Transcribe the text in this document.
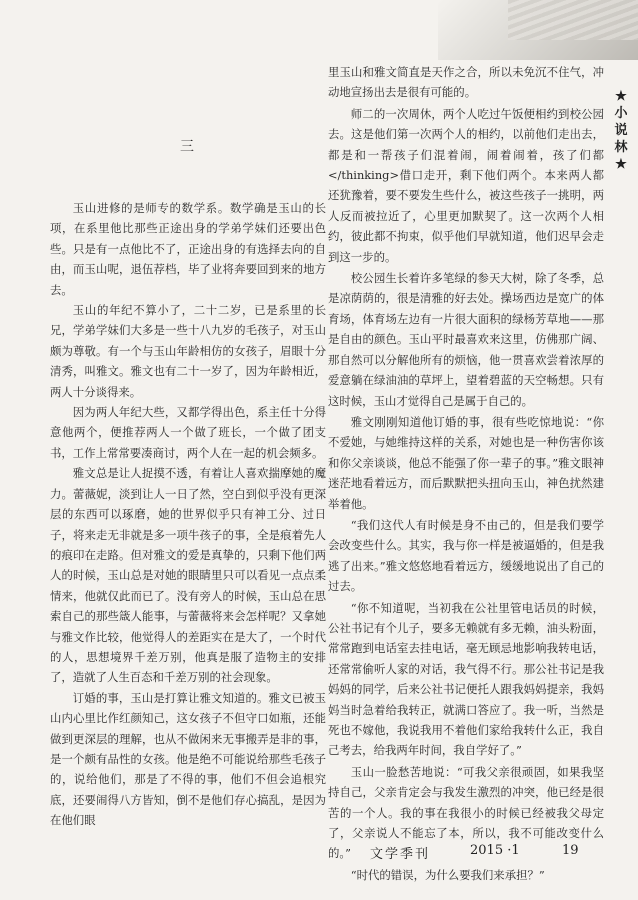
三

玉山进修的是师专的数学系。数学确是玉山的长项，在系里他比那些正途出身的学弟学妹们还要出色些。只是有一点他比不了，正途出身的有选择去向的自由，而玉山呢，退伍荐档，毕了业将奔要回到来的地方去。

玉山的年纪不算小了，二十二岁，已是系里的长兄，学弟学妹们大多是一些十八九岁的毛孩子，对玉山颇为尊敬。有一个与玉山年龄相仿的女孩子，眉眼十分清秀，叫雅文。雅文也有二十一岁了，因为年龄相近，两人十分谈得来。

因为两人年纪大些，又都学得出色，系主任十分得意他两个，便推荐两人一个做了班长，一个做了团支书，工作上常常要凑商讨，两个人在一起的机会频多。

雅文总是让人捉摸不透，有着让人喜欢揣摩她的魔力。蕾薇妮，淡到让人一日了然，空白到似乎没有更深层的东西可以琢磨，她的世界似乎只有神工分、过日子，将来走无非就是多一项牛孩子的事，全是痕着先人的痕印在走路。但对雅文的爱是真挚的，只剩下他们两人的时候，玉山总是对她的眼睛里只可以看见一点点柔情来，他就仅此而已了。没有旁人的时候，玉山总在思索自己的那些箴人能事，与蕾薇将来会怎样呢？又拿她与雅文作比较，他觉得人的差距实在是大了，一个时代的人，思想境界千差万别，他真是服了造物主的安排了，造就了人生百态和千差万别的社会现象。

订婚的事，玉山是打算让雅文知道的。雅文已被玉山内心里比作红颜知己，这女孩子不但守口如瓶，还能做到更深层的理解，也从不做闲来无事搬弄是非的事，是一个颇有品性的女孩。他是绝不可能说给那些毛孩子的，说给他们，那是了不得的事，他们不但会追根究底，还要闹得八方皆知，倒不是他们存心搞乱，是因为在他们眼

里玉山和雅文简直是天作之合，所以未免沉不住气，冲动地宣扬出去是很有可能的。

师二的一次周休，两个人吃过午饭便相约到校公园去。这是他们第一次两个人的相约，以前他们走出去，都是和一帮孩子们混着闹，闹着闹着，孩了们都</thinking>借口走开，剩下他们两个。本来两人都还犹豫着，要不要发生些什么，被这些孩子一挑明，两人反而被拉近了，心里更加默契了。这一次两个人相约，彼此都不拘束，似乎他们早就知道，他们迟早会走到这一步的。

校公园生长着许多笔绿的参天大树，除了冬季，总是凉荫荫的，很是清雅的好去处。操场西边是宽广的体育场，体育场左边有一片很大面积的绿杨芳草地——那是自由的颜色。玉山平时最喜欢来这里，仿佛那广阔、那自然可以分解他所有的烦恼，他一贯喜欢尝着浓厚的爱意躺在绿油油的草坪上，望着碧蓝的天空畅想。只有这时候，玉山才觉得自己是属于自己的。

雅文刚刚知道他订婚的事，很有些吃惊地说：“你不爱她，与她维持这样的关系，对她也是一种伤害你该和你父亲谈谈，他总不能强了你一辈子的事。”雅文眼神迷茫地看着远方，而后默默把头扭向玉山，神色扰然建举着他。

“我们这代人有时候是身不由己的，但是我们要学会改变些什么。其实，我与你一样是被逼婚的，但是我逃了出来。”雅文悠悠地看着远方，缓缓地说出了自己的过去。

“你不知道呢，当初我在公社里管电话员的时候，公社书记有个儿子，要多无赖就有多无赖，油头粉面，常常跑到电话室去挂电话，毫无顾忌地影响我转电话，还常常偷听人家的对话，我气得不行。那公社书记是我妈妈的同学，后来公社书记便托人跟我妈妈提亲，我妈妈当时急着给我转正，就满口答应了。我一听，当然是死也不嫁他，我说我用不着他们家给我转什么正，我自己考去，给我两年时间，我自学好了。”

玉山一脸愁苦地说：“可我父亲很顽固，如果我坚持自己，父亲肯定会与我发生激烈的冲突，他已经是很苦的一个人。我的事在我很小的时候已经被我父母定了，父亲说人不能忘了本，所以，我不可能改变什么的。”

“时代的错误，为什么要我们来承担？”

★
小
说
林
★
文学季刊	2015 ·1	19
